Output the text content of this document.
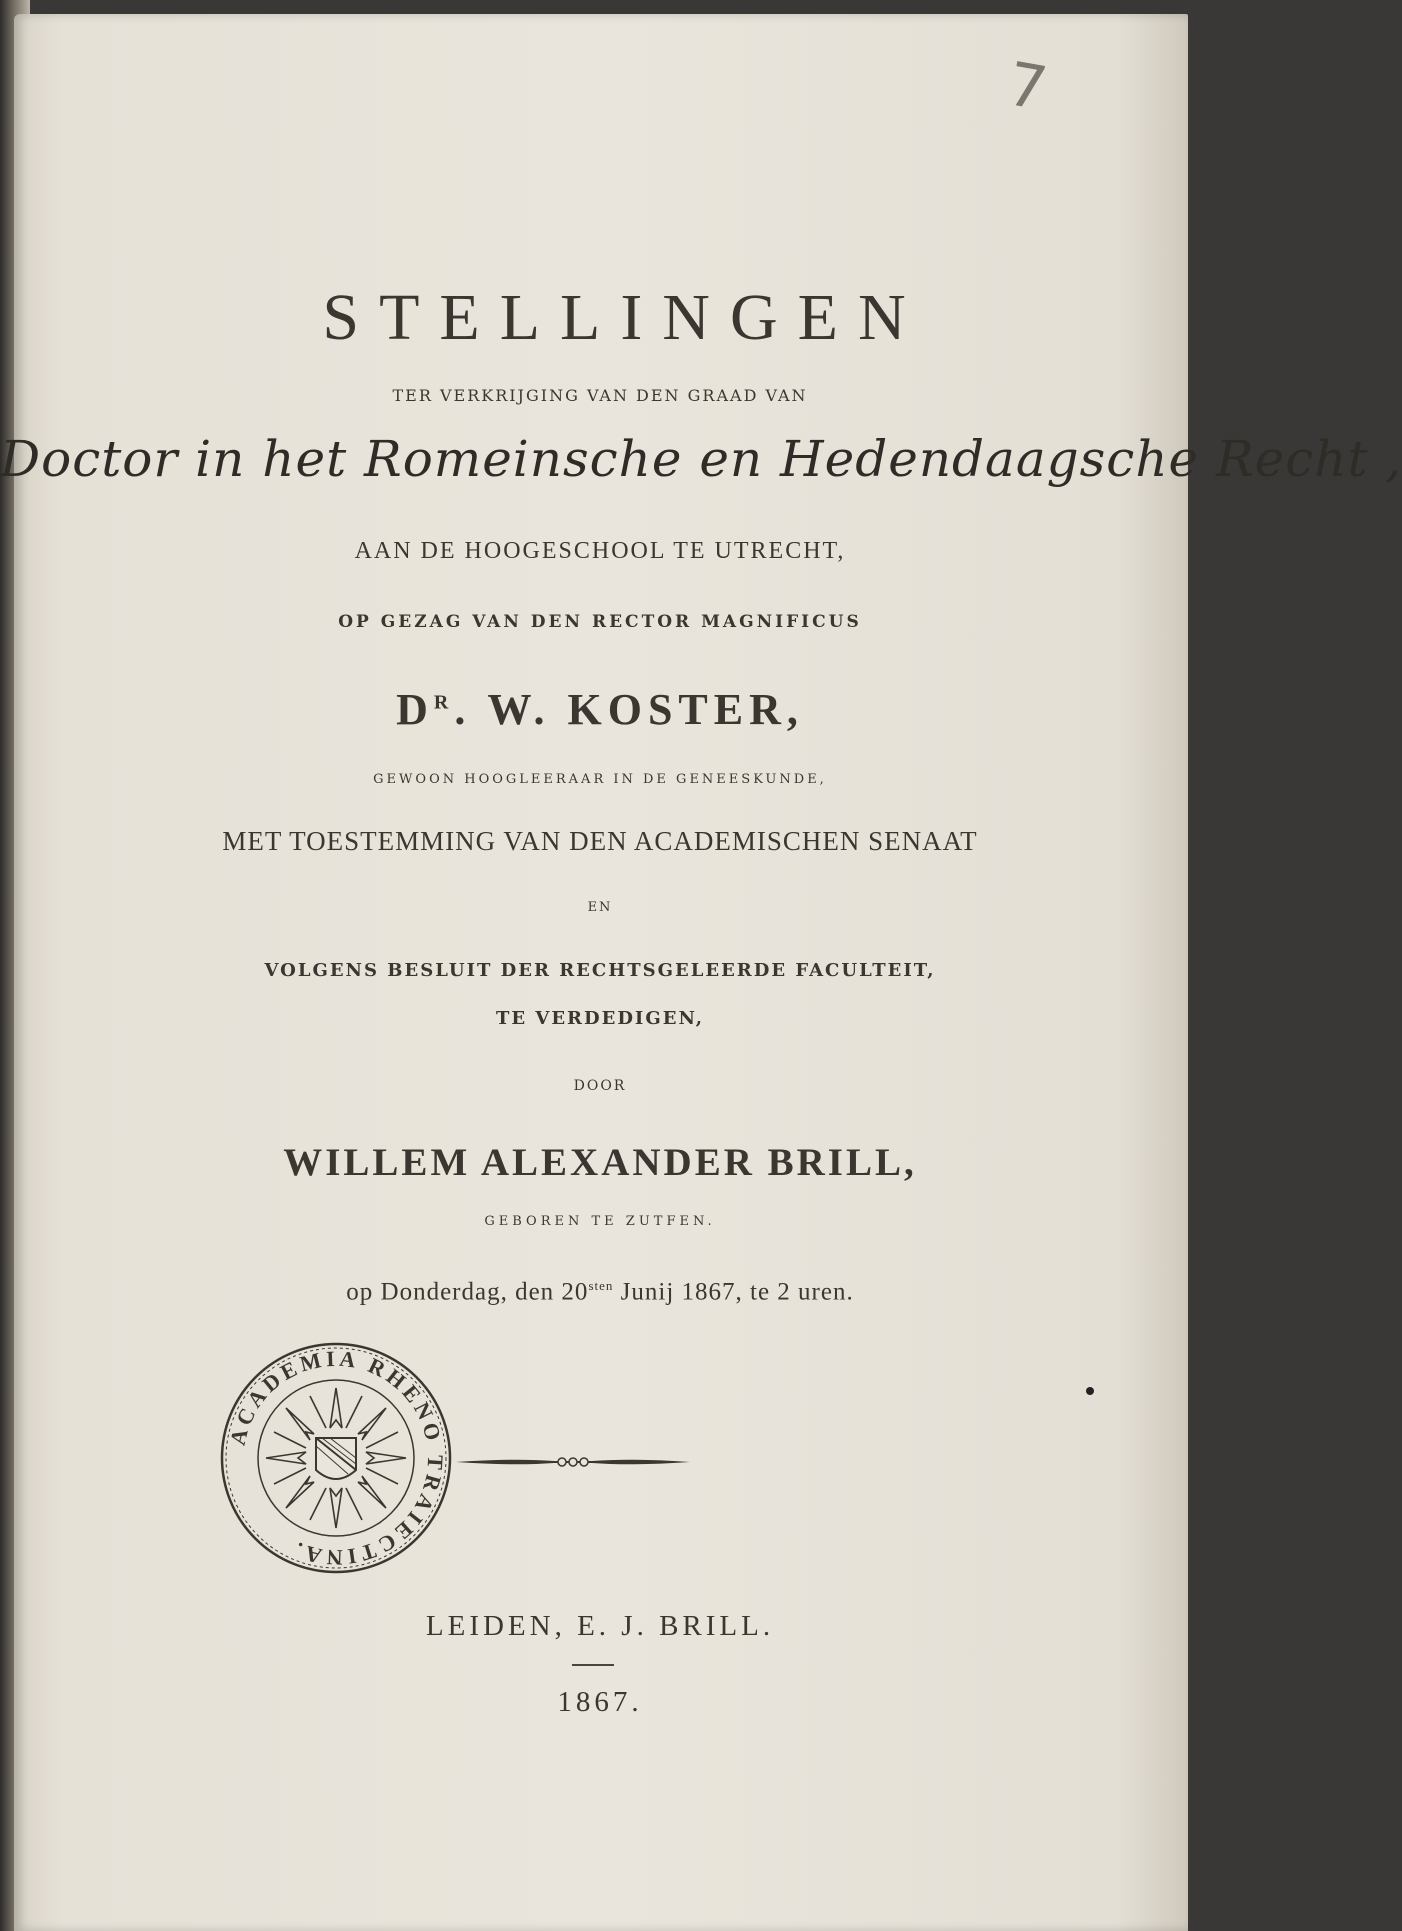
7
STELLINGEN
TER VERKRIJGING VAN DEN GRAAD VAN
Doctor in het Romeinsche en Hedendaagsche Recht ,
AAN DE HOOGESCHOOL TE UTRECHT,
OP GEZAG VAN DEN RECTOR MAGNIFICUS
$D^R$. W. KOSTER,
GEWOON HOOGLEERAAR IN DE GENEESKUNDE,
MET TOESTEMMING VAN DEN ACADEMISCHEN SENAAT
EN
VOLGENS BESLUIT DER RECHTSGELEERDE FACULTEIT,
TE VERDEDIGEN,
DOOR
WILLEM ALEXANDER BRILL,
GEBOREN TE ZUTFEN.
op Donderdag, den $20^{sten}$ Junij 1867, te 2 uren.
ACADEMIA RHENO TRAIECTINA.
LEIDEN, E. J. BRILL.
1867.
